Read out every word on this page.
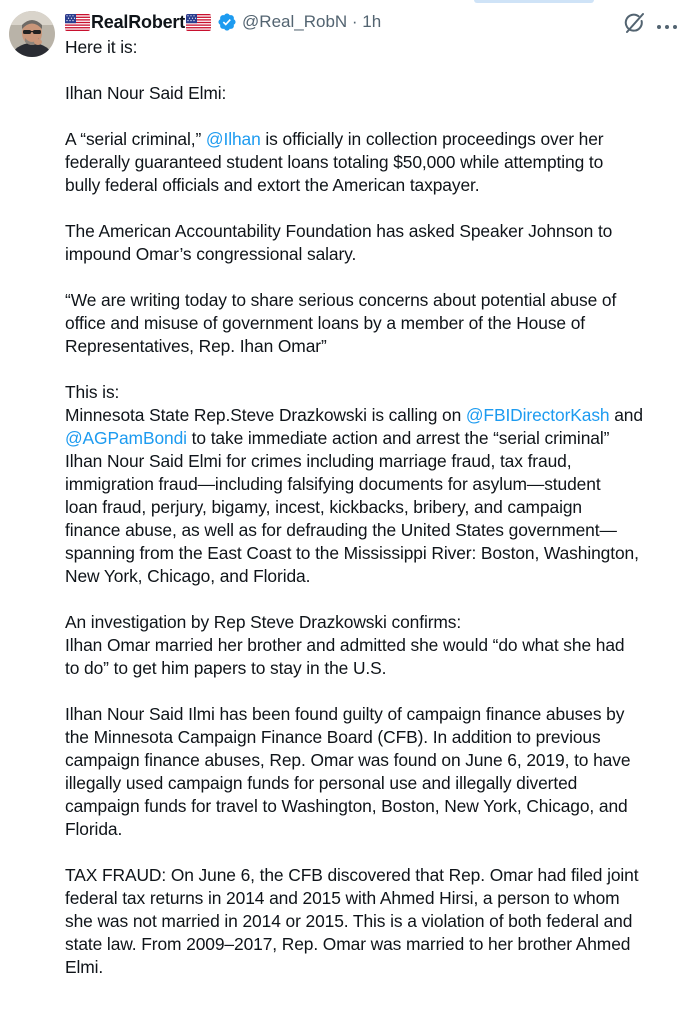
RealRobert	@Real_RobN · 1h
Here it is:
Ilhan Nour Said Elmi:
A “serial criminal,” @Ilhan is officially in collection proceedings over her
federally guaranteed student loans totaling $50,000 while attempting to
bully federal officials and extort the American taxpayer.
The American Accountability Foundation has asked Speaker Johnson to
impound Omar’s congressional salary.
“We are writing today to share serious concerns about potential abuse of
office and misuse of government loans by a member of the House of
Representatives, Rep. Ihan Omar”
This is:
Minnesota State Rep.Steve Drazkowski is calling on @FBIDirectorKash and
@AGPamBondi to take immediate action and arrest the “serial criminal”
Ilhan Nour Said Elmi for crimes including marriage fraud, tax fraud,
immigration fraud—including falsifying documents for asylum—student
loan fraud, perjury, bigamy, incest, kickbacks, bribery, and campaign
finance abuse, as well as for defrauding the United States government—
spanning from the East Coast to the Mississippi River: Boston, Washington,
New York, Chicago, and Florida.
An investigation by Rep Steve Drazkowski confirms:
Ilhan Omar married her brother and admitted she would “do what she had
to do” to get him papers to stay in the U.S.
Ilhan Nour Said Ilmi has been found guilty of campaign finance abuses by
the Minnesota Campaign Finance Board (CFB). In addition to previous
campaign finance abuses, Rep. Omar was found on June 6, 2019, to have
illegally used campaign funds for personal use and illegally diverted
campaign funds for travel to Washington, Boston, New York, Chicago, and
Florida.
TAX FRAUD: On June 6, the CFB discovered that Rep. Omar had filed joint
federal tax returns in 2014 and 2015 with Ahmed Hirsi, a person to whom
she was not married in 2014 or 2015. This is a violation of both federal and
state law. From 2009–2017, Rep. Omar was married to her brother Ahmed
Elmi.
